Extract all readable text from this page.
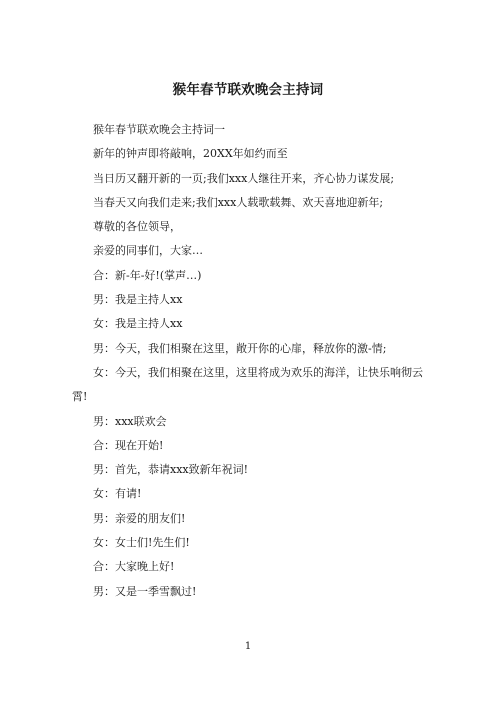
猴年春节联欢晚会主持词

猴年春节联欢晚会主持词一

新年的钟声即将敲响，20XX年如约而至

当日历又翻开新的一页;我们xxx人继往开来，齐心协力谋发展;

当春天又向我们走来;我们xxx人载歌载舞、欢天喜地迎新年;

尊敬的各位领导，

亲爱的同事们，大家…

合：新-年-好!(掌声…)

男：我是主持人xx

女：我是主持人xx

男：今天，我们相聚在这里，敞开你的心扉，释放你的激-情;

女：今天，我们相聚在这里，这里将成为欢乐的海洋，让快乐响彻云霄!

男：xxx联欢会

合：现在开始!

男：首先，恭请xxx致新年祝词!

女：有请!

男：亲爱的朋友们!

女：女士们!先生们!

合：大家晚上好!

男：又是一季雪飘过!

1
